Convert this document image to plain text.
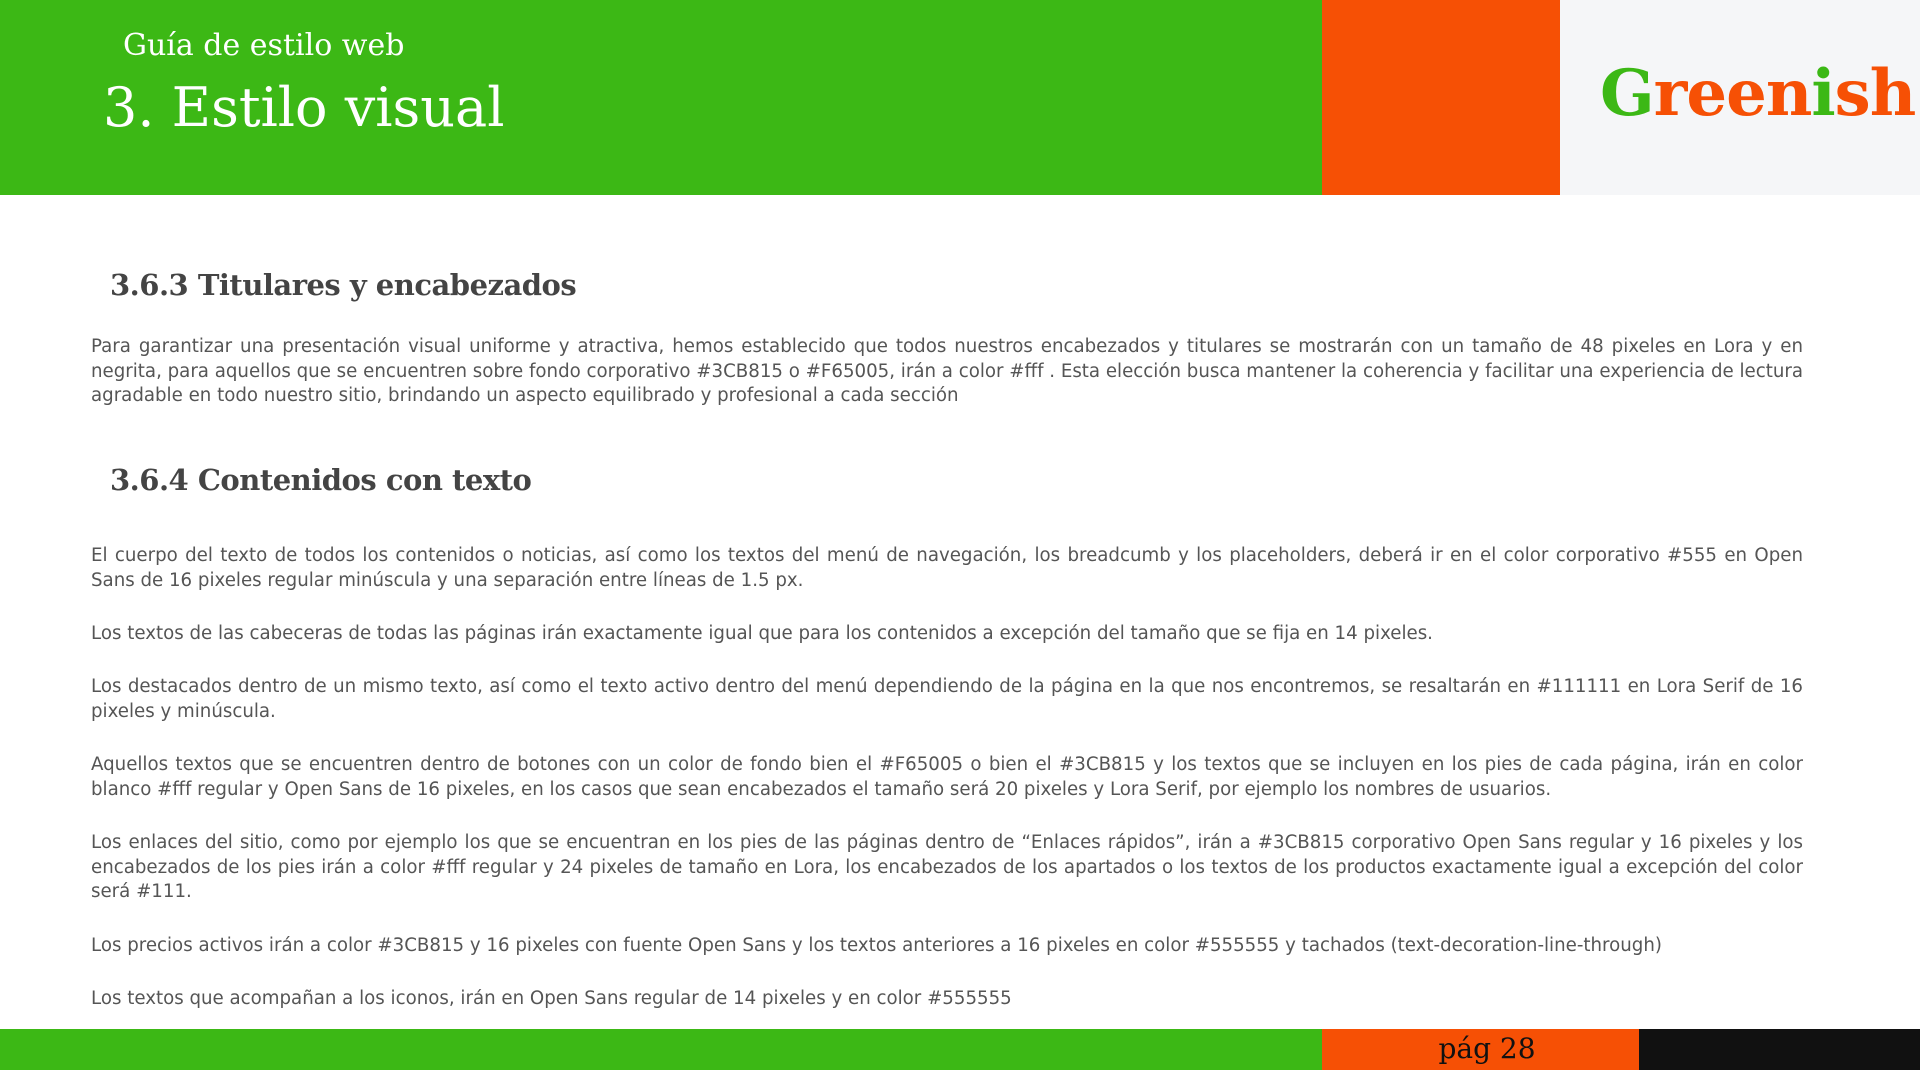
Guía de estilo web
3. Estilo visual	Greenish
3.6.3 Titulares y encabezados

Para garantizar una presentación visual uniforme y atractiva, hemos establecido que todos nuestros encabezados y titulares se mostrarán con un tamaño de 48 pixeles en Lora y en negrita, para aquellos que se encuentren sobre fondo corporativo #3CB815 o #F65005, irán a color #fff . Esta elección busca mantener la coherencia y facilitar una experiencia de lectura agradable en todo nuestro sitio, brindando un aspecto equilibrado y profesional a cada sección

3.6.4 Contenidos con texto

El cuerpo del texto de todos los contenidos o noticias, así como los textos del menú de navegación, los breadcumb y los placeholders, deberá ir en el color corporativo #555 en Open Sans de 16 pixeles regular minúscula y una separación entre líneas de 1.5 px.

Los textos de las cabeceras de todas las páginas irán exactamente igual que para los contenidos a excepción del tamaño que se fija en 14 pixeles.

Los destacados dentro de un mismo texto, así como el texto activo dentro del menú dependiendo de la página en la que nos encontremos, se resaltarán en #111111 en Lora Serif de 16 pixeles y minúscula.

Aquellos textos que se encuentren dentro de botones con un color de fondo bien el #F65005 o bien el #3CB815 y los textos que se incluyen en los pies de cada página, irán en color blanco #fff regular y Open Sans de 16 pixeles, en los casos que sean encabezados el tamaño será 20 pixeles y Lora Serif, por ejemplo los nombres de usuarios.

Los enlaces del sitio, como por ejemplo los que se encuentran en los pies de las páginas dentro de “Enlaces rápidos”, irán a #3CB815 corporativo Open Sans regular y 16 pixeles y los encabezados de los pies irán a color #fff regular y 24 pixeles de tamaño en Lora, los encabezados de los apartados o los textos de los productos exactamente igual a excepción del color será #111.

Los precios activos irán a color #3CB815 y 16 pixeles con fuente Open Sans y los textos anteriores a 16 pixeles en color #555555 y tachados (text-decoration-line-through)

Los textos que acompañan a los iconos, irán en Open Sans regular de 14 pixeles y en color #555555

pág 28
